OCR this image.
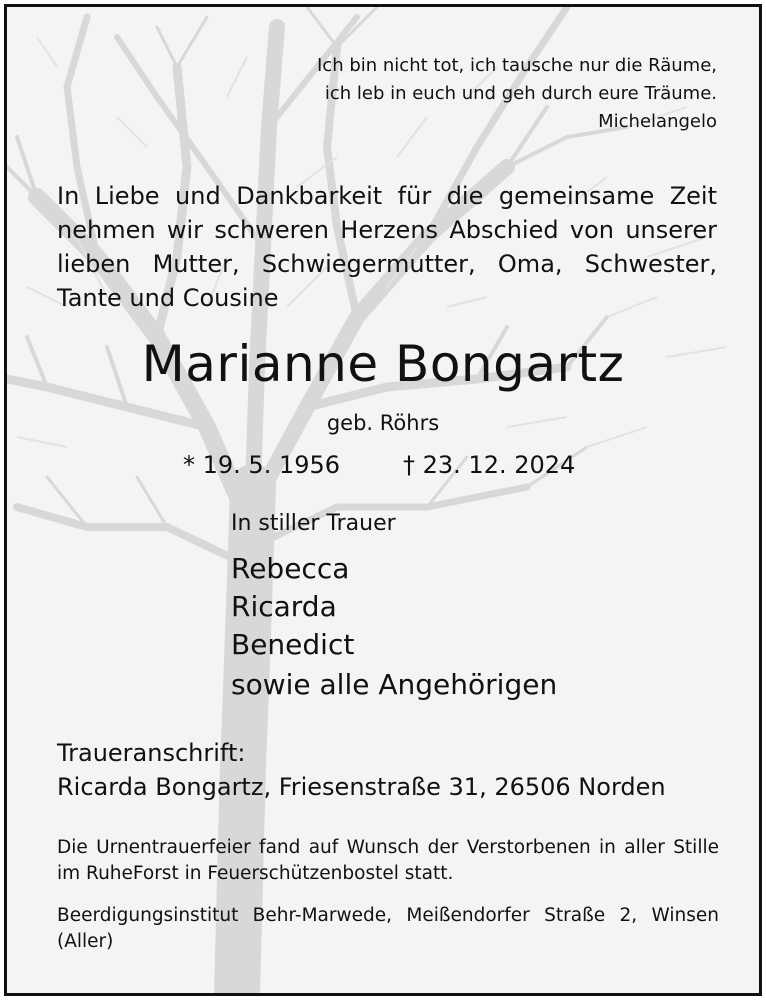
Ich bin nicht tot, ich tausche nur die Räume,
ich leb in euch und geh durch eure Träume.
Michelangelo
In Liebe und Dankbarkeit für die gemeinsame Zeit nehmen wir schweren Herzens Abschied von unserer lieben Mutter, Schwiegermutter, Oma, Schwester, Tante und Cousine
Marianne Bongartz
geb. Röhrs
* 19. 5. 1956	† 23. 12. 2024
In stiller Trauer
Rebecca
Ricarda
Benedict
sowie alle Angehörigen
Traueranschrift:
Ricarda Bongartz, Friesenstraße 31, 26506 Norden
Die Urnentrauerfeier fand auf Wunsch der Verstorbenen in aller Stille im RuheForst in Feuerschützenbostel statt.
Beerdigungsinstitut Behr-Marwede, Meißendorfer Straße 2, Winsen (Aller)
